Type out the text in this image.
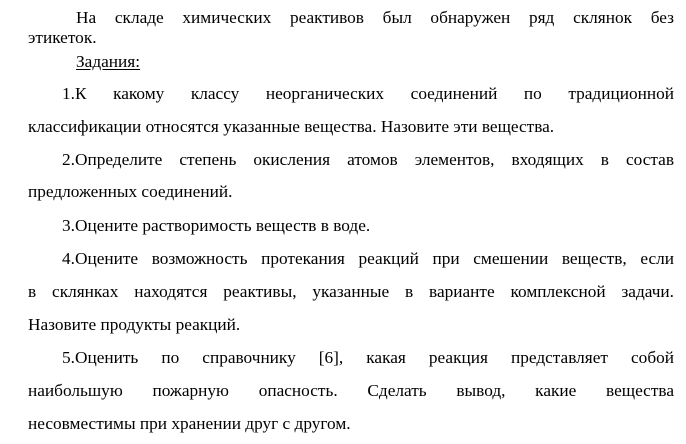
На складе химических реактивов был обнаружен ряд склянок без
этикеток.
Задания:
1.К какому классу неорганических соединений по традиционной
классификации относятся указанные вещества. Назовите эти вещества.
2.Определите степень окисления атомов элементов, входящих в состав
предложенных соединений.
3.Оцените растворимость веществ в воде.
4.Оцените возможность протекания реакций при смешении веществ, если
в склянках находятся реактивы, указанные в варианте комплексной задачи.
Назовите продукты реакций.
5.Оценить по справочнику [6], какая реакция представляет собой
наибольшую пожарную опасность. Сделать вывод, какие вещества
несовместимы при хранении друг с другом.
